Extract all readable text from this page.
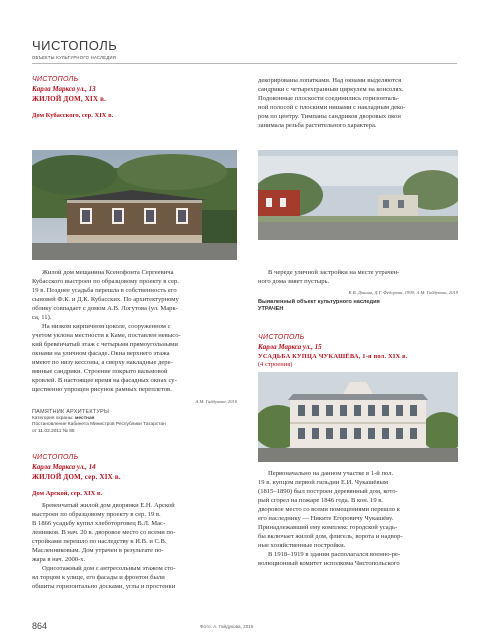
ЧИСТОПОЛЬ
ОБЪЕКТЫ КУЛЬТУРНОГО НАСЛЕДИЯ
ЧИСТОПОЛЬ
Карла Маркса ул., 13
ЖИЛОЙ ДОМ, XIX в.
Дом Кубасского, сер. XIX в.
декорированы лопатками. Над окнами выделяются
сандрики с четырехгранным циркулем на консолях.
Подоконные плоскости соединились горизонталь-
ной полосой с плоскими нишами с накладным деко-
ром по центру. Тимпаны сандриков дворовых окон
занимала резьба растительного характера.
Жилой дом мещанина Ксенофонта Сергеевича
Кубасского выстроен по образцовому проекту в сер.
19 в. Позднее усадьба перешла в собственность его
сыновей Ф.К. и Д.К. Кубасских. По архитектурному
облику совпадает с домом А.В. Логутова (ул. Марк-
са, 11).
На низком кирпичном цоколе, сооруженном с
учетом уклона местности к Каме, поставлен невысо-
кий бревенчатый этаж с четырьмя прямоугольными
окнами на уличном фасаде. Окна верхнего этажа
имеют по низу кессоны, а сверху накладные дере-
вянные сандрики. Строение покрыто вальмовой
кровлей. В настоящее время на фасадных окнах су-
щественно упрощен рисунок рамных переплетов.
А.М. Гайдукова, 2016
ПАМЯТНИК АРХИТЕКТУРЫ
Категория охраны: местная
Постановление Кабинета Министров Республики Татарстан
от 11.02.2011 № 85
В череде уличной застройки на месте утрачен-
ного дома зияет пустырь.
К.В. Донина, Д.Г. Фёдорова, 1999; А.М. Гайдукова, 2019
Выявленный объект культурного наследия
УТРАЧЕН
ЧИСТОПОЛЬ
Карла Маркса ул., 15
УСАДЬБА КУПЦА ЧУКАШЁВА, 1-я пол. XIX в.
(4 строения)
ЧИСТОПОЛЬ
Карла Маркса ул., 14
ЖИЛОЙ ДОМ, сер. XIX в.
Дом Арской, сер. XIX в.
Бревенчатый жилой дом дворянки Е.Н. Арской
выстроен по образцовому проекту в сер. 19 в.
В 1866 усадьбу купил хлеботорговец В.Л. Мас-
ленников. В нач. 20 в. дворовое место со всеми по-
стройками перешло по наследству к И.В. и С.В.
Масленниковым. Дом утрачен в результате по-
жара в нач. 2000-х.
Одноэтажный дом с антресольным этажом сто-
ял торцом к улице, его фасады и фронтон были
обшиты горизонтально досками, углы и простенки
Первоначально на данном участке в 1-й пол.
19 в. купцом первой гильдии Е.И. Чукашёвым
(1815–1890) был построен деревянный дом, кото-
рый сгорел на пожаре 1846 года. В кон. 19 в.
дворовое место со всеми помещениями перешло к
его наследнику — Никите Егоровичу Чукашёву.
Принадлежавший ему комплекс городской усадь-
бы включает жилой дом, флигель, ворота и надвор-
ные хозяйственные постройки.
В 1918–1919 в здании располагался военно-ре-
волюционный комитет исполкома Чистопольского
864	Фото: А. Гайдукова, 2015
